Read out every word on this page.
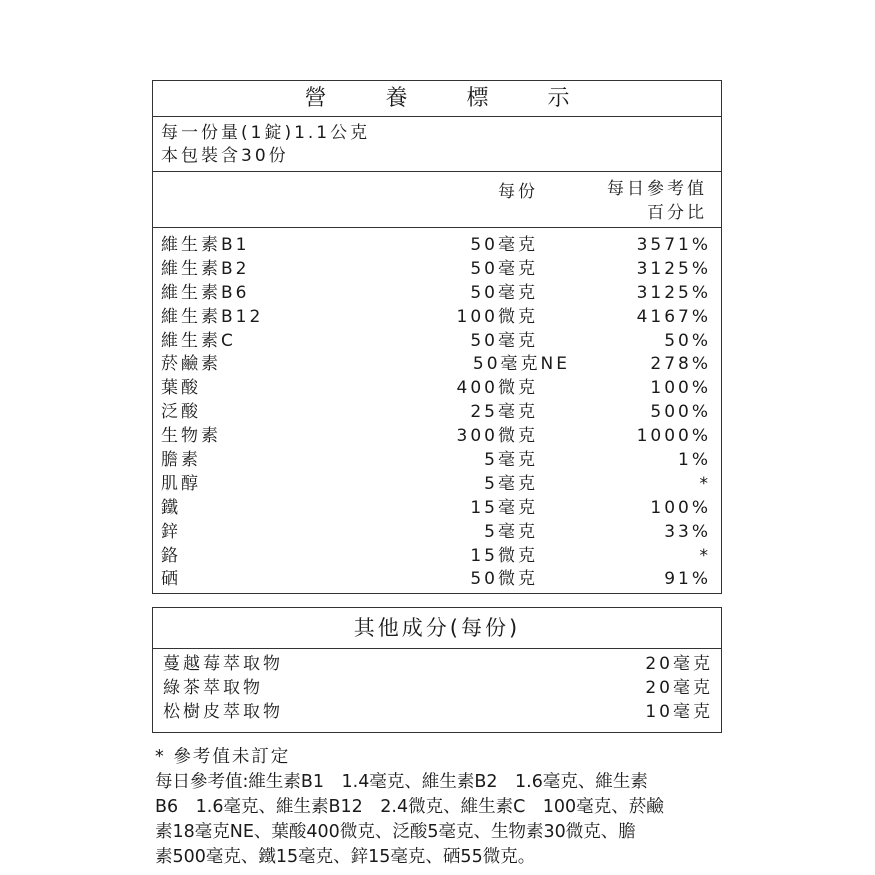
營 養 標 示
每一份量(1錠)1.1公克
本包裝含30份
每份	每日參考值
百分比
維生素B1	50毫克	3571%
維生素B2	50毫克	3125%
維生素B6	50毫克	3125%
維生素B12	100微克	4167%
維生素C	50毫克	50%
菸鹼素	50毫克NE	278%
葉酸	400微克	100%
泛酸	25毫克	500%
生物素	300微克	1000%
膽素	5毫克	1%
肌醇	5毫克	*
鐵	15毫克	100%
鋅	5毫克	33%
鉻	15微克	*
硒	50微克	91%
其他成分(每份)
蔓越莓萃取物	20毫克
綠茶萃取物	20毫克
松樹皮萃取物	10毫克
* 參考值未訂定
每日參考值:維生素B1　1.4毫克、維生素B2　1.6毫克、維生素
B6　1.6毫克、維生素B12　2.4微克、維生素C　100毫克、菸鹼
素18毫克NE、葉酸400微克、泛酸5毫克、生物素30微克、膽
素500毫克、鐵15毫克、鋅15毫克、硒55微克。
